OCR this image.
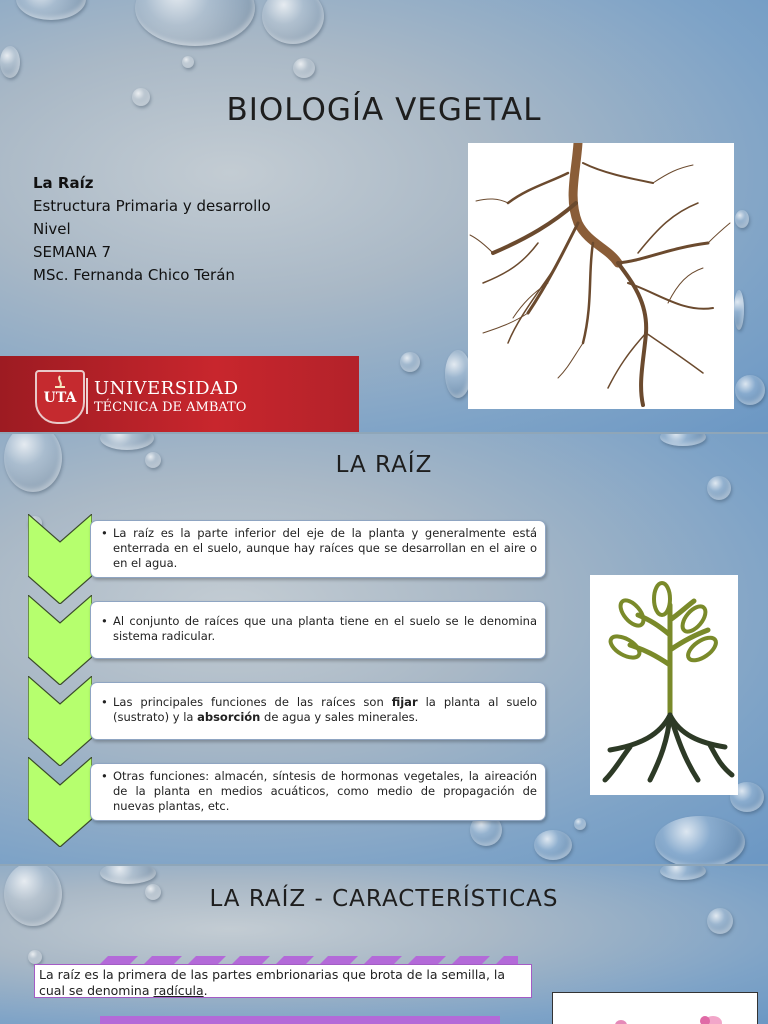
BIOLOGÍA VEGETAL
La Raíz
Estructura Primaria y desarrollo
Nivel
SEMANA 7
MSc. Fernanda Chico Terán
UTA UNIVERSIDAD
TÉCNICA DE AMBATO
LA RAÍZ
• La raíz es la parte inferior del eje de la planta y generalmente está enterrada en el suelo, aunque hay raíces que se desarrollan en el aire o en el agua.
• Al conjunto de raíces que una planta tiene en el suelo se le denomina sistema radicular.
• Las principales funciones de las raíces son fijar la planta al suelo (sustrato) y la absorción de agua y sales minerales.
• Otras funciones: almacén, síntesis de hormonas vegetales, la aireación de la planta en medios acuáticos, como medio de propagación de nuevas plantas, etc.
LA RAÍZ - CARACTERÍSTICAS
La raíz es la primera de las partes embrionarias que brota de la semilla, la cual se denomina radícula.
